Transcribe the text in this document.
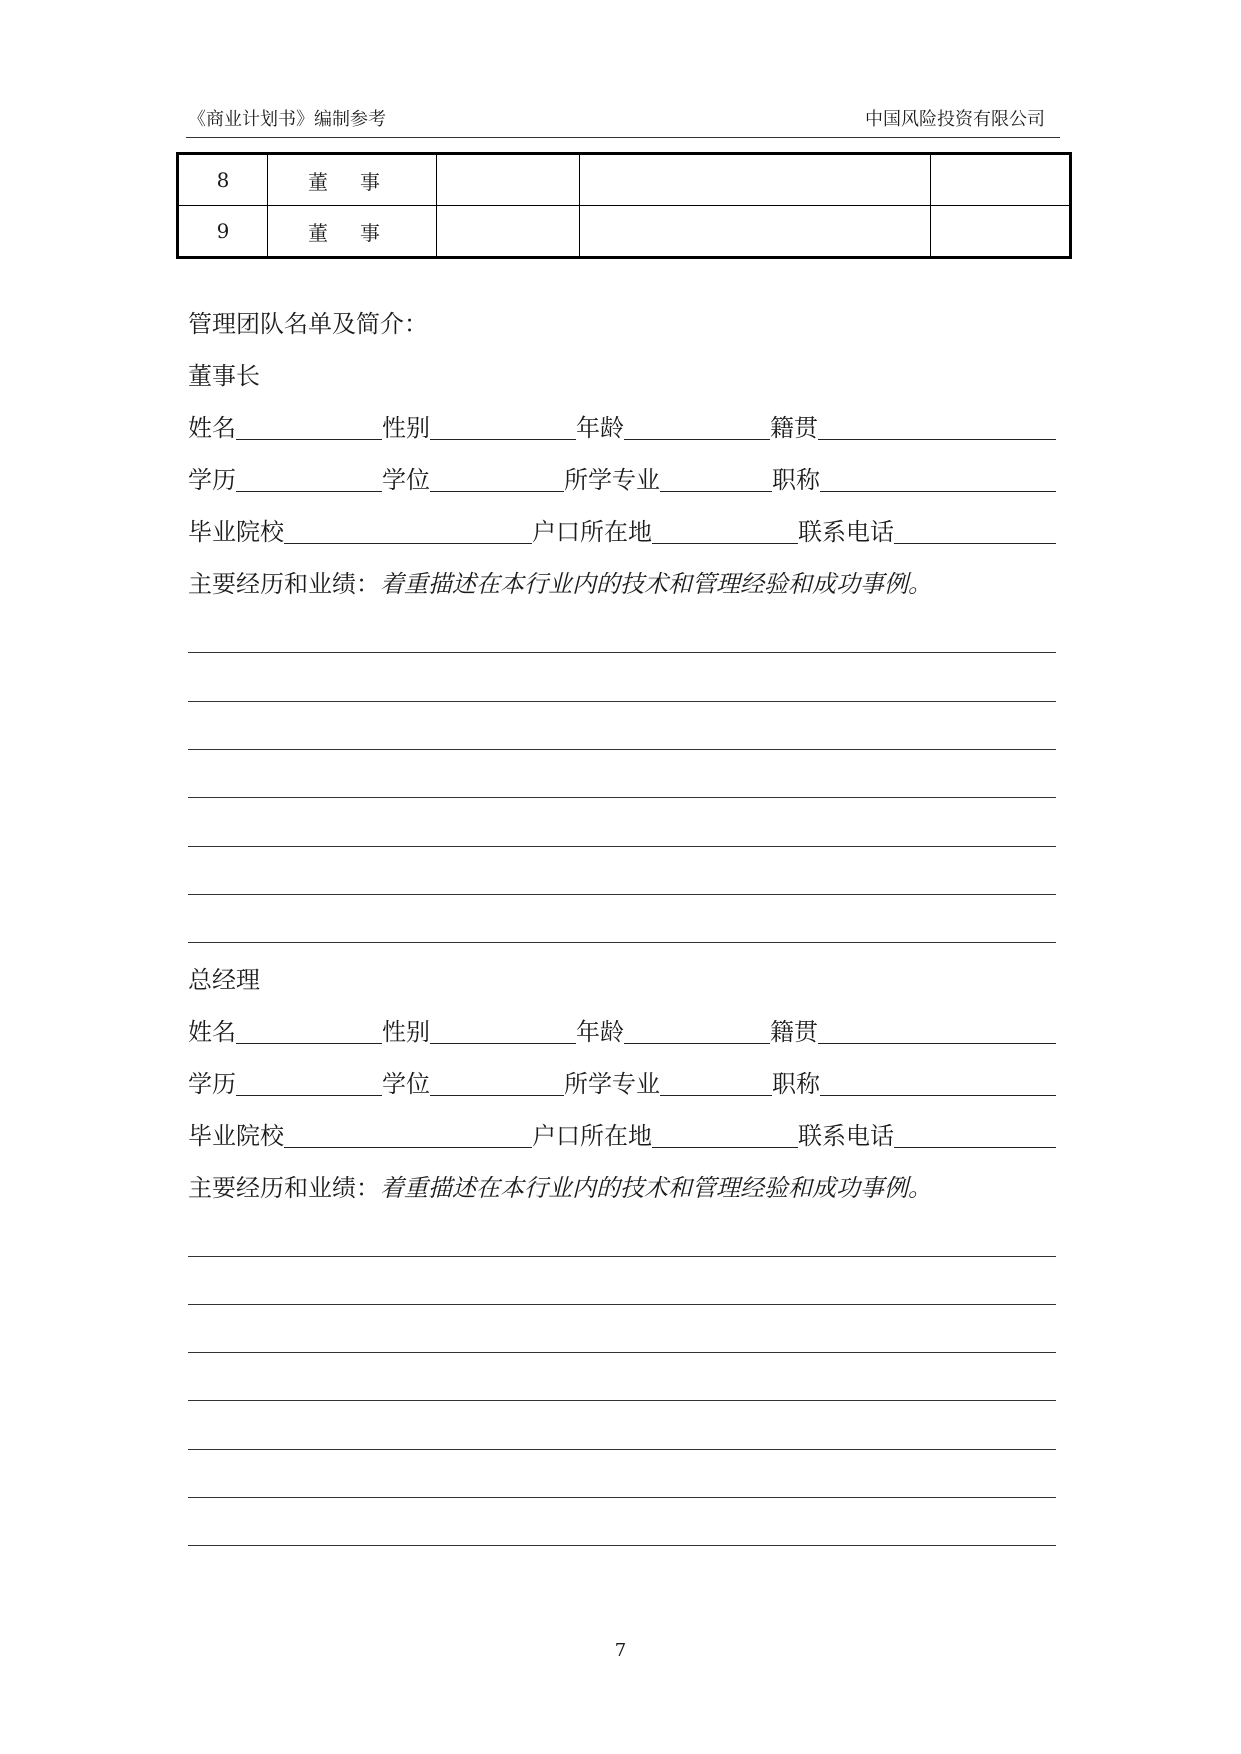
《商业计划书》编制参考	中国风险投资有限公司
8	董事			
9	董事			
管理团队名单及简介：
董事长
姓名	性别	年龄	籍贯
学历	学位	所学专业	职称
毕业院校	户口所在地	联系电话
主要经历和业绩：着重描述在本行业内的技术和管理经验和成功事例。
总经理
姓名	性别	年龄	籍贯
学历	学位	所学专业	职称
毕业院校	户口所在地	联系电话
主要经历和业绩：着重描述在本行业内的技术和管理经验和成功事例。
7
